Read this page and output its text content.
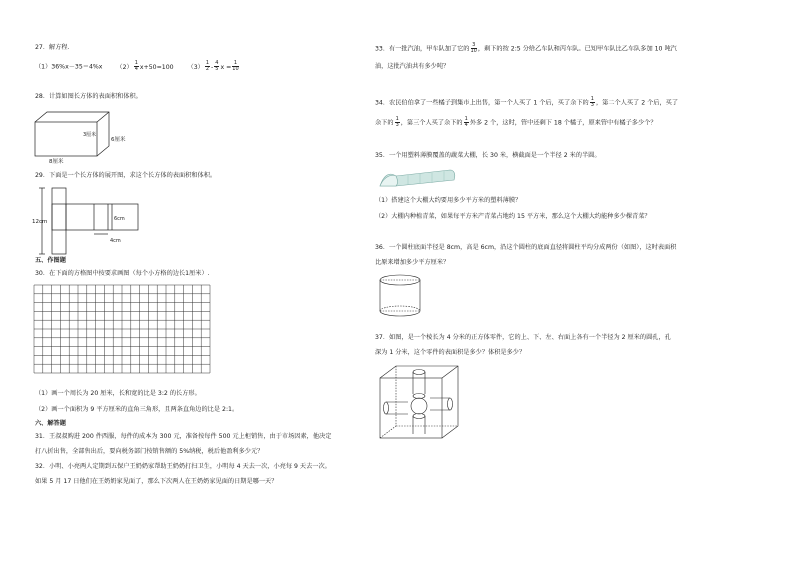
27．解方程．
（1）36%x－35＝4%x $(2) \frac{1}{4} x+50=100$ $(3) \frac{1}{2} - \frac{4}{5}$ $x = \frac{1}{10}$
28．计算如图长方体的表面积和体积。
6厘米
3厘米
8厘米
29．下面是一个长方体的展开图，求这个长方体的表面积和体积。
12cm	6cm
4cm
五、作图题
30．在下面的方格图中按要求画图（每个小方格的边长1厘米）.
（1）画一个周长为 20 厘米，长和宽的比是 3:2 的长方形。
（2）画一个面积为 9 平方厘米的直角三角形，且两条直角边的比是 2:1。
六、解答题
31．王叔叔购进 200 件西服，每件的成本为 300 元，准备按每件 500 元上柜销售，由于市场因素，他决定
打八折出售，全部售出后，要向税务部门按销售额的 5%纳税，税后他盈利多少元？
32．小明、小亮两人定期到五保户王奶奶家帮助王奶奶打扫卫生，小明每 4 天去一次，小亮每 9 天去一次。
如果 5 月 17 日他们在王奶奶家见面了，那么下次两人在王奶奶家见面的日期是哪一天？
33．有一批汽油，甲车队加了它的 $\frac{3}{10}$ ，剩下的按 2:5 分给乙车队和丙车队。已知甲车队比乙车队多加 10 吨汽
油，这批汽油共有多少吨？
34．农民伯伯拿了一些橘子到集市上出售，第一个人买了 1 个后，买了余下的 $\frac{1}{3}$ ，第二个人买了 2 个后，买了
余下的 $\frac{1}{3}$ ，第三个人买了余下的 $\frac{1}{4}$ 外多 2 个，这时，管中还剩下 18 个橘子，原来管中有橘子多少个？
35．一个用塑料薄膜覆盖的蔬菜大棚，长 30 米，横截面是一个半径 2 米的半圆。
（1）搭建这个大棚大约要用多少平方米的塑料薄膜？
（2）大棚内种植青菜，如果每平方米产青菜占地约 15 平方米，那么这个大棚大约能种多少棵青菜？
36．一个圆柱底面半径是 8cm，高是 6cm，沿这个圆柱的底面直径将圆柱平均分成两份（如图），这时表面积
比原来增加多少平方厘米？
37．如图，是一个棱长为 4 分米的正方体零件，它的上、下、左、右面上各有一个半径为 2 厘米的圆孔，孔
深为 1 分米，这个零件的表面积是多少？体积是多少？
